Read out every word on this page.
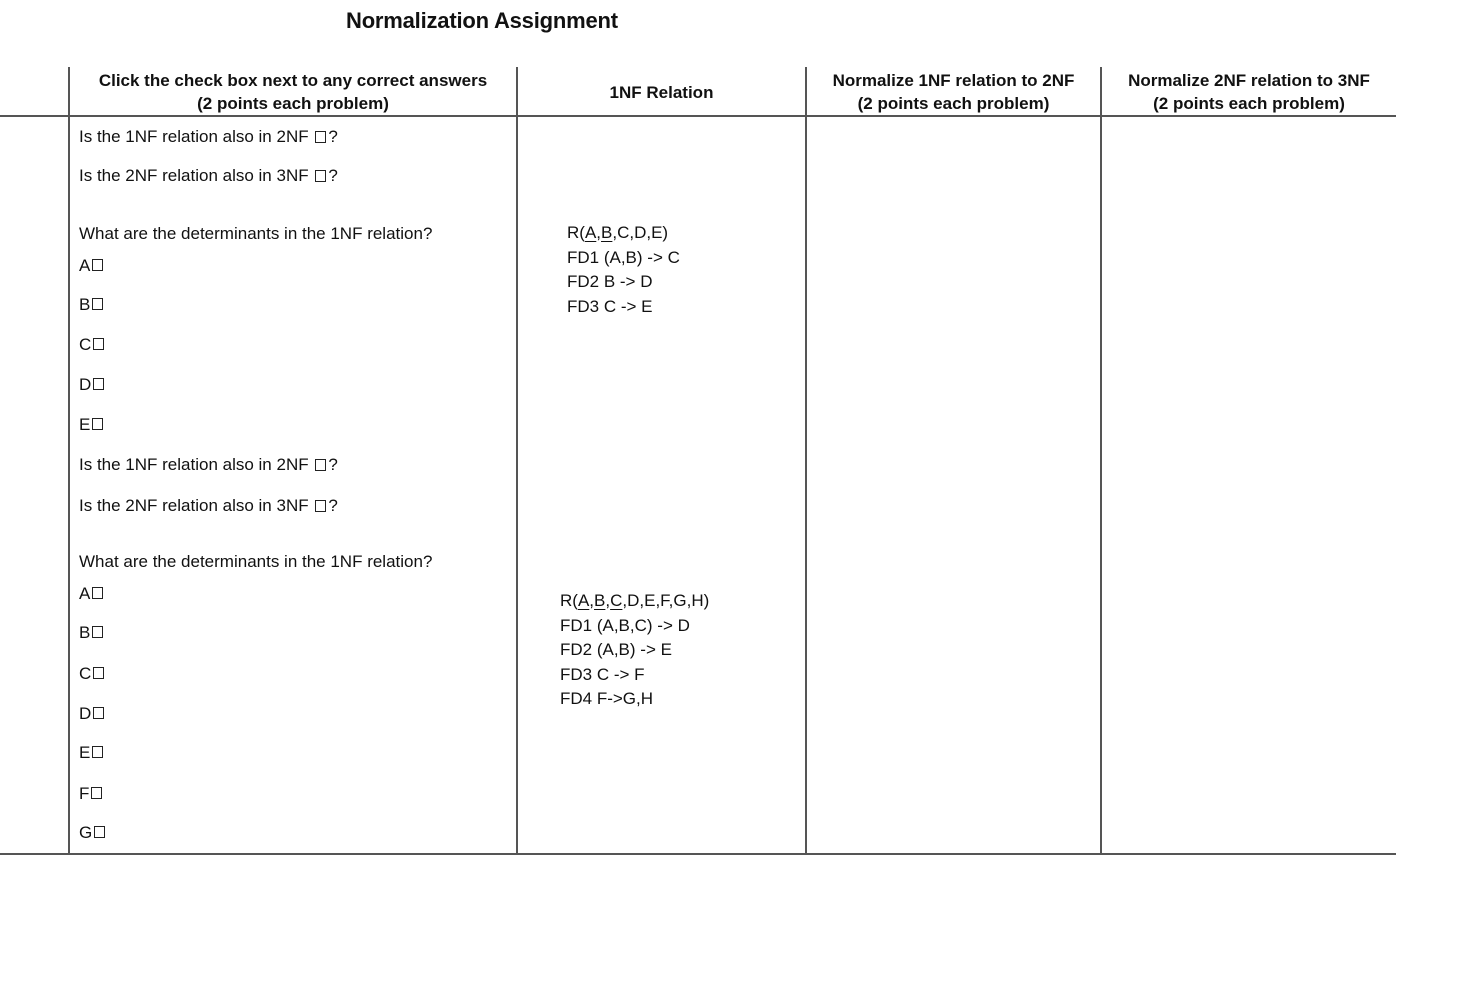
Normalization Assignment
Click the check box next to any correct answers
(2 points each problem)
1NF Relation
Normalize 1NF relation to 2NF
(2 points each problem)
Normalize 2NF relation to 3NF
(2 points each problem)
Is the 1NF relation also in 2NF ?
Is the 2NF relation also in 3NF ?
What are the determinants in the 1NF relation?
A
B
C
D
E
Is the 1NF relation also in 2NF ?
Is the 2NF relation also in 3NF ?
R(A,B,C,D,E)
FD1 (A,B) -> C
FD2 B -> D
FD3 C -> E
What are the determinants in the 1NF relation?
A
B
C
D
E
F
G
R(A,B,C,D,E,F,G,H)
FD1 (A,B,C) -> D
FD2 (A,B) -> E
FD3 C -> F
FD4 F->G,H
